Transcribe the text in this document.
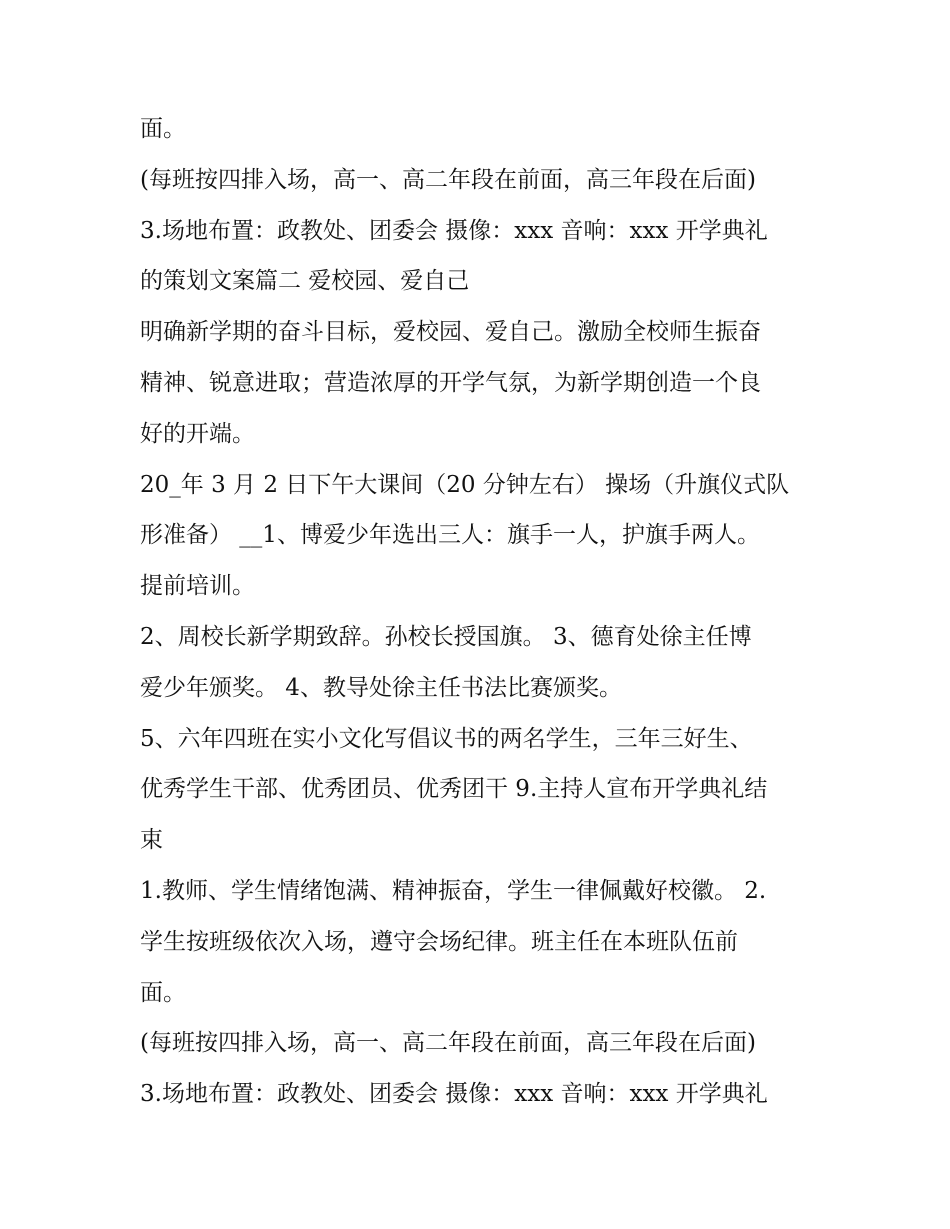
面。
(每班按四排入场，高一、高二年段在前面，高三年段在后面)
3.场地布置：政教处、团委会 摄像：xxx 音响：xxx 开学典礼
的策划文案篇二 爱校园、爱自己
明确新学期的奋斗目标，爱校园、爱自己。激励全校师生振奋
精神、锐意进取；营造浓厚的开学气氛，为新学期创造一个良
好的开端。
20_年 3 月 2 日下午大课间（20 分钟左右） 操场（升旗仪式队
形准备） __1、博爱少年选出三人：旗手一人，护旗手两人。
提前培训。
2、周校长新学期致辞。孙校长授国旗。 3、德育处徐主任博
爱少年颁奖。 4、教导处徐主任书法比赛颁奖。
5、六年四班在实小文化写倡议书的两名学生，三年三好生、
优秀学生干部、优秀团员、优秀团干 9.主持人宣布开学典礼结
束
1.教师、学生情绪饱满、精神振奋，学生一律佩戴好校徽。 2.
学生按班级依次入场，遵守会场纪律。班主任在本班队伍前
面。
(每班按四排入场，高一、高二年段在前面，高三年段在后面)
3.场地布置：政教处、团委会 摄像：xxx 音响：xxx 开学典礼
